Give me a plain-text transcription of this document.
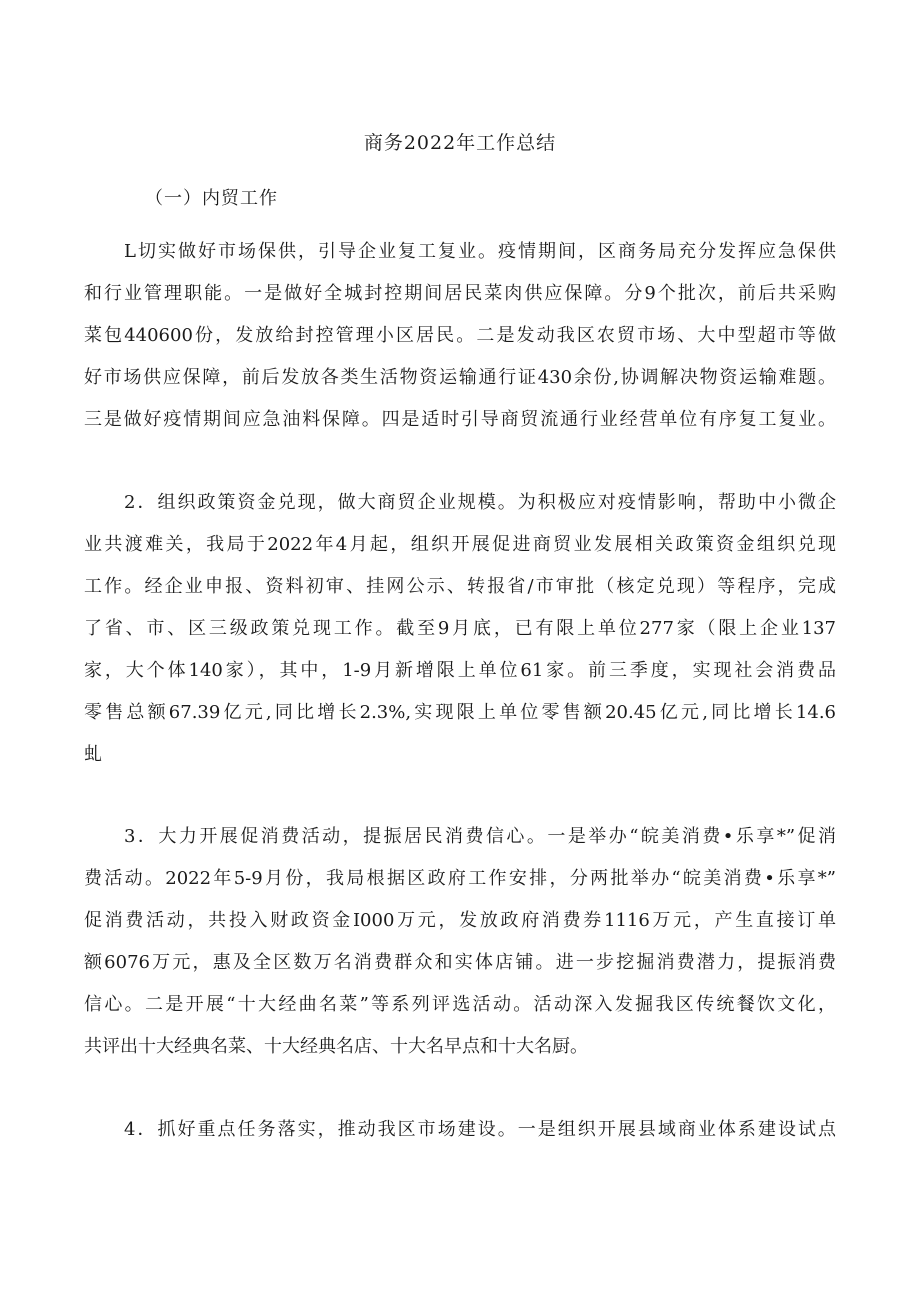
商务2022年工作总结
（一）内贸工作
L切实做好市场保供，引导企业复工复业。疫情期间，区商务局充分发挥应急保供
和行业管理职能。一是做好全城封控期间居民菜肉供应保障。分9个批次，前后共采购
菜包440600份，发放给封控管理小区居民。二是发动我区农贸市场、大中型超市等做
好市场供应保障，前后发放各类生活物资运输通行证430余份,协调解决物资运输难题。
三是做好疫情期间应急油料保障。四是适时引导商贸流通行业经营单位有序复工复业。
2．组织政策资金兑现，做大商贸企业规模。为积极应对疫情影响，帮助中小微企
业共渡难关，我局于2022年4月起，组织开展促进商贸业发展相关政策资金组织兑现
工作。经企业申报、资料初审、挂网公示、转报省/市审批（核定兑现）等程序，完成
了省、市、区三级政策兑现工作。截至9月底，已有限上单位277家（限上企业137
家，大个体140家），其中，1-9月新增限上单位61家。前三季度，实现社会消费品
零售总额67.39亿元,同比增长2.3%,实现限上单位零售额20.45亿元,同比增长14.6
虬
3．大力开展促消费活动，提振居民消费信心。一是举办“皖美消费•乐享*”促消
费活动。2022年5-9月份，我局根据区政府工作安排，分两批举办“皖美消费•乐享*”
促消费活动，共投入财政资金I000万元，发放政府消费券1116万元，产生直接订单
额6076万元，惠及全区数万名消费群众和实体店铺。进一步挖掘消费潜力，提振消费
信心。二是开展“十大经曲名菜”等系列评选活动。活动深入发掘我区传统餐饮文化，
共评出十大经典名菜、十大经典名店、十大名早点和十大名厨。
4．抓好重点任务落实，推动我区市场建设。一是组织开展县域商业体系建设试点
